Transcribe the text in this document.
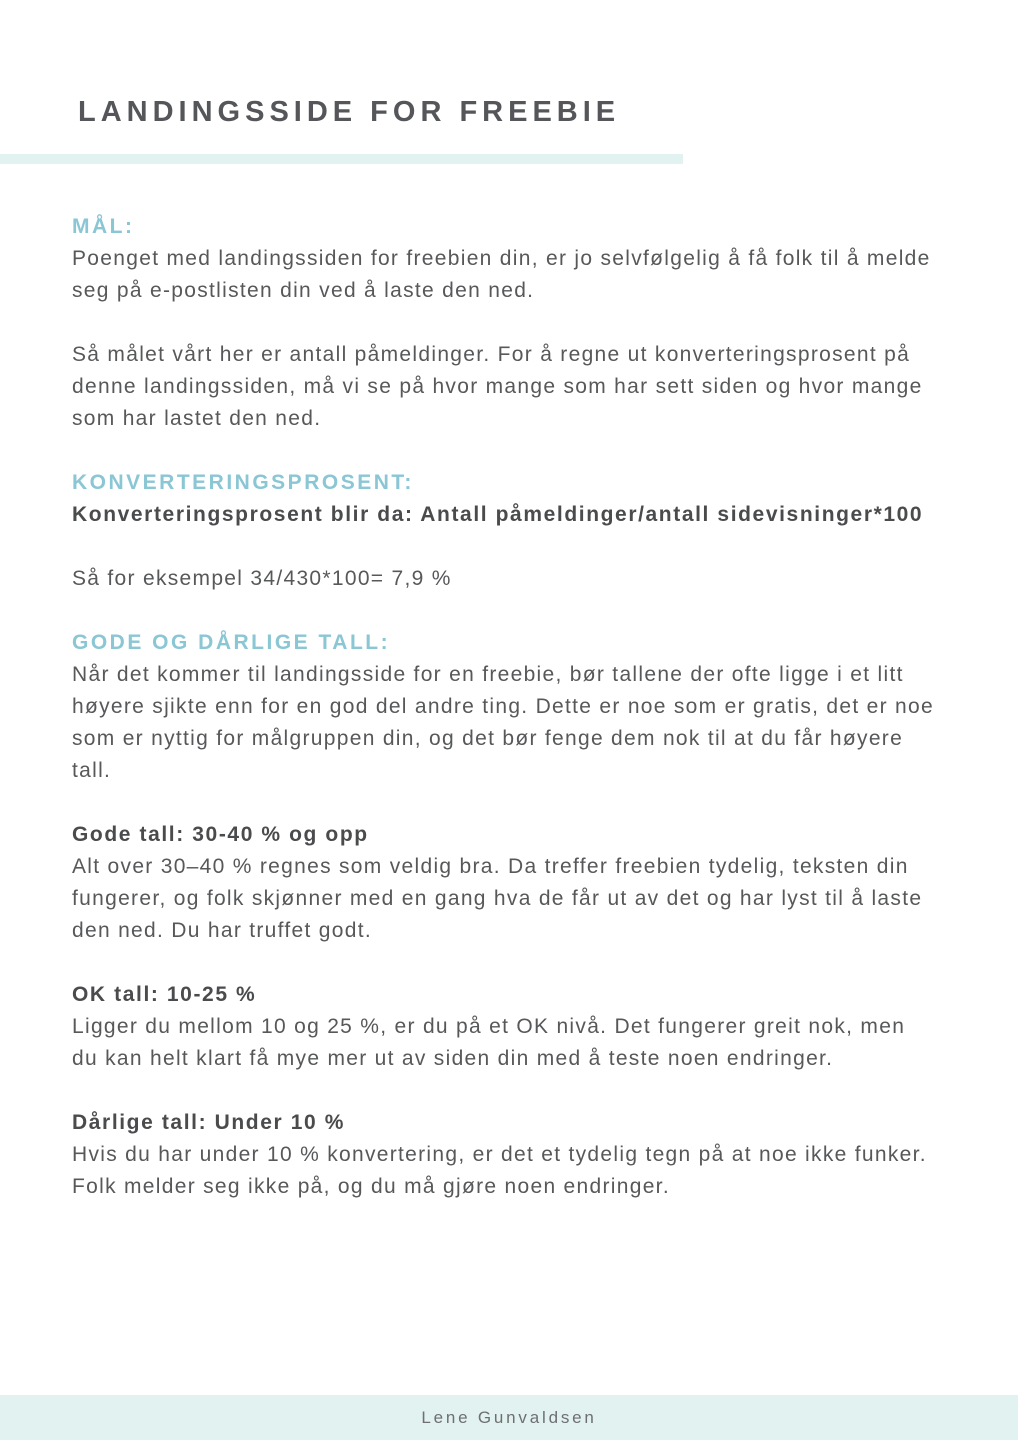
LANDINGSSIDE FOR FREEBIE
MÅL:

Poenget med landingssiden for freebien din, er jo selvfølgelig å få folk til å melde seg på e-postlisten din ved å laste den ned.

Så målet vårt her er antall påmeldinger. For å regne ut konverteringsprosent på denne landingssiden, må vi se på hvor mange som har sett siden og hvor mange som har lastet den ned.

KONVERTERINGSPROSENT:

Konverteringsprosent blir da: Antall påmeldinger/antall sidevisninger*100

Så for eksempel 34/430*100= 7,9 %

GODE OG DÅRLIGE TALL:

Når det kommer til landingsside for en freebie, bør tallene der ofte ligge i et litt høyere sjikte enn for en god del andre ting. Dette er noe som er gratis, det er noe som er nyttig for målgruppen din, og det bør fenge dem nok til at du får høyere tall.

Gode tall: 30-40 % og opp

Alt over 30–40 % regnes som veldig bra. Da treffer freebien tydelig, teksten din fungerer, og folk skjønner med en gang hva de får ut av det og har lyst til å laste den ned. Du har truffet godt.

OK tall: 10-25 %

Ligger du mellom 10 og 25 %, er du på et OK nivå. Det fungerer greit nok, men du kan helt klart få mye mer ut av siden din med å teste noen endringer.

Dårlige tall: Under 10 %

Hvis du har under 10 % konvertering, er det et tydelig tegn på at noe ikke funker. Folk melder seg ikke på, og du må gjøre noen endringer.

Lene Gunvaldsen
